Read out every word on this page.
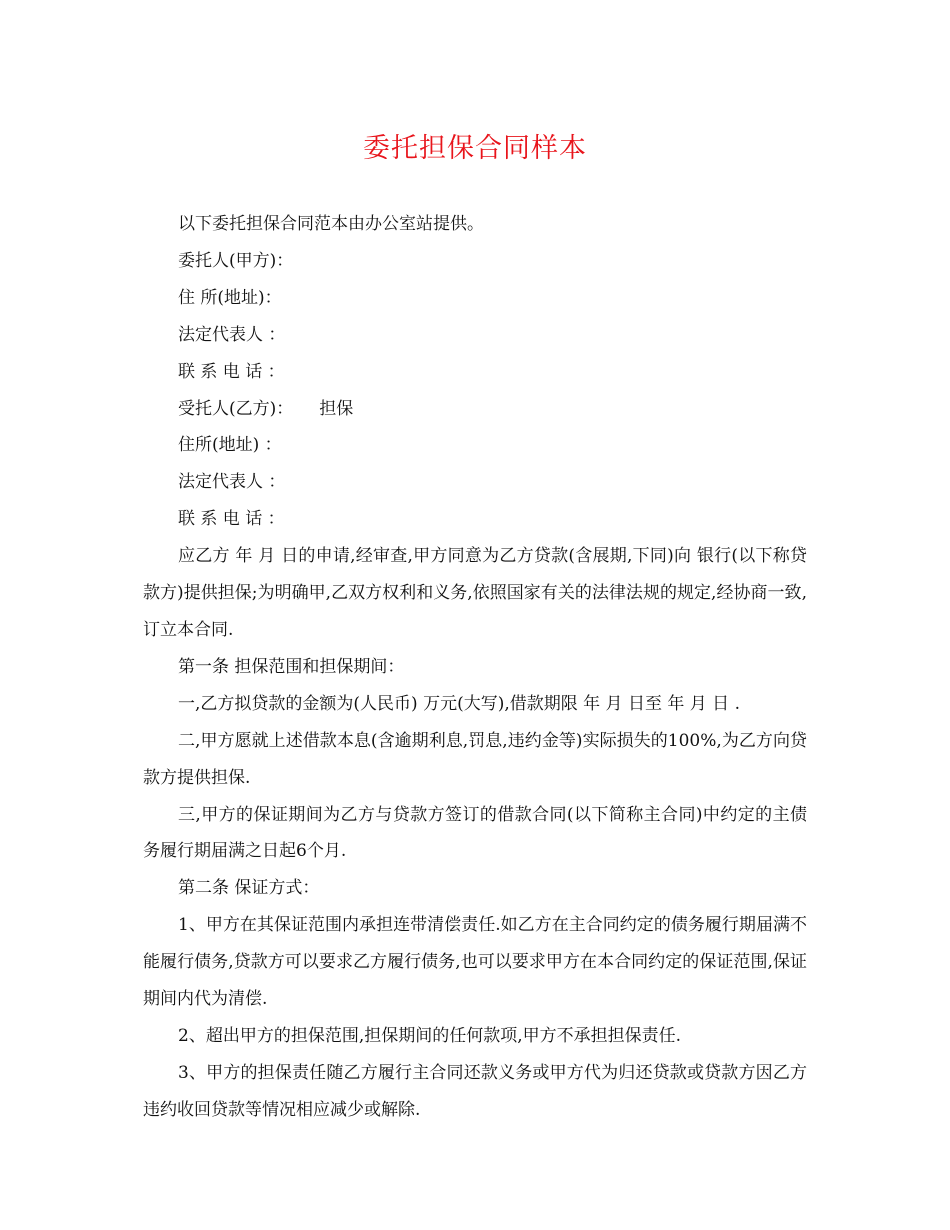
委托担保合同样本

以下委托担保合同范本由办公室站提供。

委托人(甲方)：

住 所(地址)：

法定代表人 ：

联 系 电 话 ：

受托人(乙方)： 担保

住所(地址) ：

法定代表人 ：

联 系 电 话 ：

应乙方 年 月 日的申请,经审查,甲方同意为乙方贷款(含展期,下同)向 银行(以下称贷款方)提供担保;为明确甲,乙双方权利和义务,依照国家有关的法律法规的规定,经协商一致,订立本合同.

第一条 担保范围和担保期间：

一,乙方拟贷款的金额为(人民币) 万元(大写),借款期限 年 月 日至 年 月 日 .

二,甲方愿就上述借款本息(含逾期利息,罚息,违约金等)实际损失的100%,为乙方向贷款方提供担保.

三,甲方的保证期间为乙方与贷款方签订的借款合同(以下简称主合同)中约定的主债务履行期届满之日起6个月.

第二条 保证方式：

1、甲方在其保证范围内承担连带清偿责任.如乙方在主合同约定的债务履行期届满不能履行债务,贷款方可以要求乙方履行债务,也可以要求甲方在本合同约定的保证范围,保证期间内代为清偿.

2、超出甲方的担保范围,担保期间的任何款项,甲方不承担担保责任.

3、甲方的担保责任随乙方履行主合同还款义务或甲方代为归还贷款或贷款方因乙方违约收回贷款等情况相应减少或解除.
